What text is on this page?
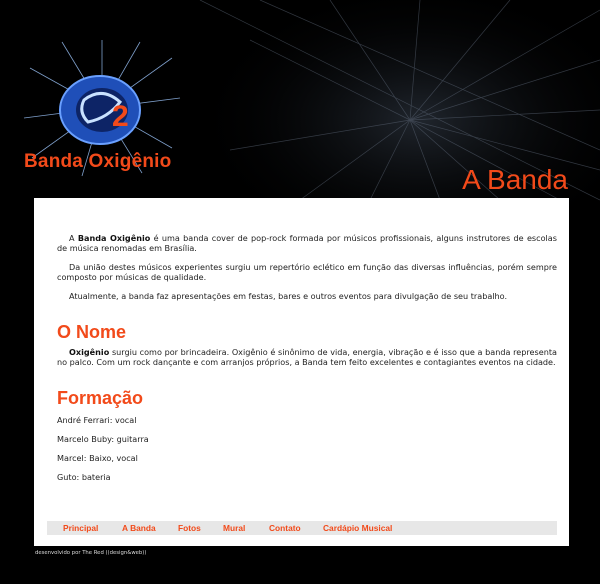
2
Banda Oxigênio
A Banda

A Banda Oxigênio é uma banda cover de pop-rock formada por músicos profissionais, alguns instrutores de escolas de música renomadas em Brasília.

Da união destes músicos experientes surgiu um repertório eclético em função das diversas influências, porém sempre composto por músicas de qualidade.

Atualmente, a banda faz apresentações em festas, bares e outros eventos para divulgação de seu trabalho.

O Nome

Oxigênio surgiu como por brincadeira. Oxigênio é sinônimo de vida, energia, vibração e é isso que a banda representa no palco. Com um rock dançante e com arranjos próprios, a Banda tem feito excelentes e contagiantes eventos na cidade.

Formação
André Ferrari: vocal
Marcelo Buby: guitarra
Marcel: Baixo, vocal
Guto: bateria
Principal	A Banda	Fotos	Mural	Contato	Cardápio Musical
desenvolvido por The Red ((design&web))
